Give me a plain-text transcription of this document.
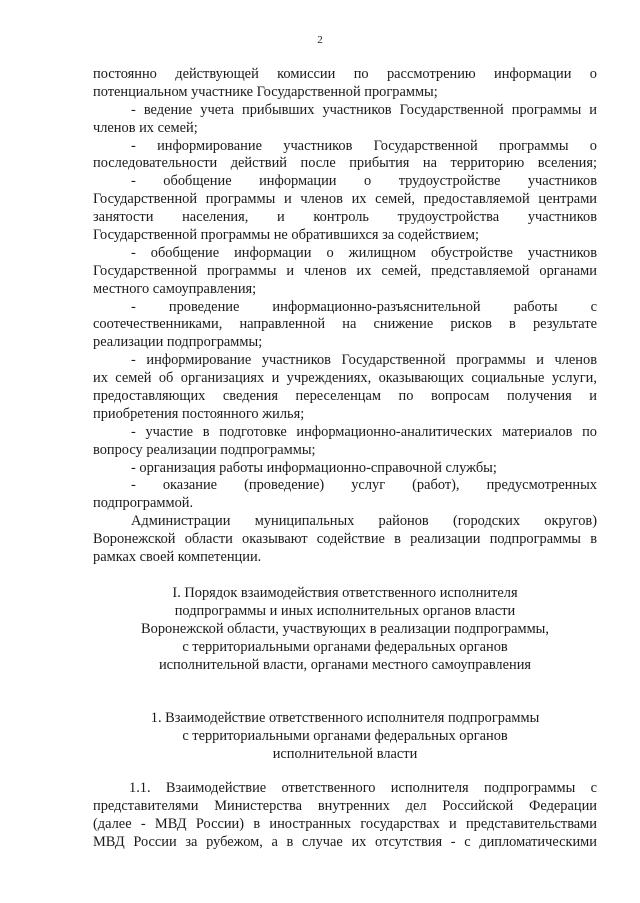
2
постоянно действующей комиссии по рассмотрению информации о
потенциальном участнике Государственной программы;
- ведение учета прибывших участников Государственной программы и
членов их семей;
- информирование участников Государственной программы о
последовательности действий после прибытия на территорию вселения;
- обобщение информации о трудоустройстве участников
Государственной программы и членов их семей, предоставляемой центрами
занятости населения, и контроль трудоустройства участников
Государственной программы не обратившихся за содействием;
- обобщение информации о жилищном обустройстве участников
Государственной программы и членов их семей, представляемой органами
местного самоуправления;
- проведение информационно-разъяснительной работы с
соотечественниками, направленной на снижение рисков в результате
реализации подпрограммы;
- информирование участников Государственной программы и членов
их семей об организациях и учреждениях, оказывающих социальные услуги,
предоставляющих сведения переселенцам по вопросам получения и
приобретения постоянного жилья;
- участие в подготовке информационно-аналитических материалов по
вопросу реализации подпрограммы;
- организация работы информационно-справочной службы;
- оказание (проведение) услуг (работ), предусмотренных
подпрограммой.
Администрации муниципальных районов (городских округов)
Воронежской области оказывают содействие в реализации подпрограммы в
рамках своей компетенции.
I. Порядок взаимодействия ответственного исполнителя
подпрограммы и иных исполнительных органов власти
Воронежской области, участвующих в реализации подпрограммы,
с территориальными органами федеральных органов
исполнительной власти, органами местного самоуправления
1. Взаимодействие ответственного исполнителя подпрограммы
с территориальными органами федеральных органов
исполнительной власти
1.1. Взаимодействие ответственного исполнителя подпрограммы с
представителями Министерства внутренних дел Российской Федерации
(далее - МВД России) в иностранных государствах и представительствами
МВД России за рубежом, а в случае их отсутствия - с дипломатическими
